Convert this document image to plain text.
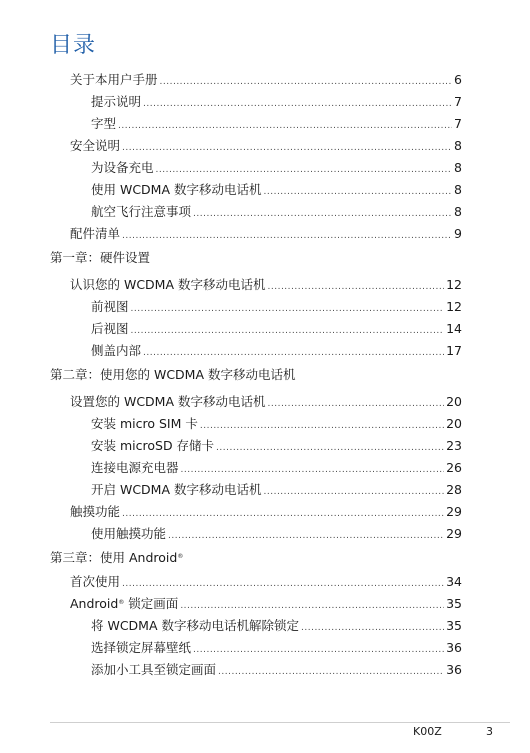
目录
关于本用户手册 .....	6
提示说明 .....	7
字型 .....	7
安全说明 .....	8
为设备充电 .....	8
使用 WCDMA 数字移动电话机 .....	8
航空飞行注意事项 .....	8
配件清单 .....	9
第一章：硬件设置
认识您的 WCDMA 数字移动电话机 .....	12
前视图 .....	12
后视图 .....	14
侧盖内部 .....	17
第二章：使用您的 WCDMA 数字移动电话机
设置您的 WCDMA 数字移动电话机 .....	20
安装 micro SIM 卡 .....	20
安装 microSD 存储卡 .....	23
连接电源充电器 .....	26
开启 WCDMA 数字移动电话机 .....	28
触摸功能 .....	29
使用触摸功能 .....	29
第三章：使用 Android®
首次使用 .....	34
Android® 锁定画面 .....	35
将 WCDMA 数字移动电话机解除锁定 .....	35
选择锁定屏幕壁纸 .....	36
添加小工具至锁定画面 .....	36
K00Z	3
